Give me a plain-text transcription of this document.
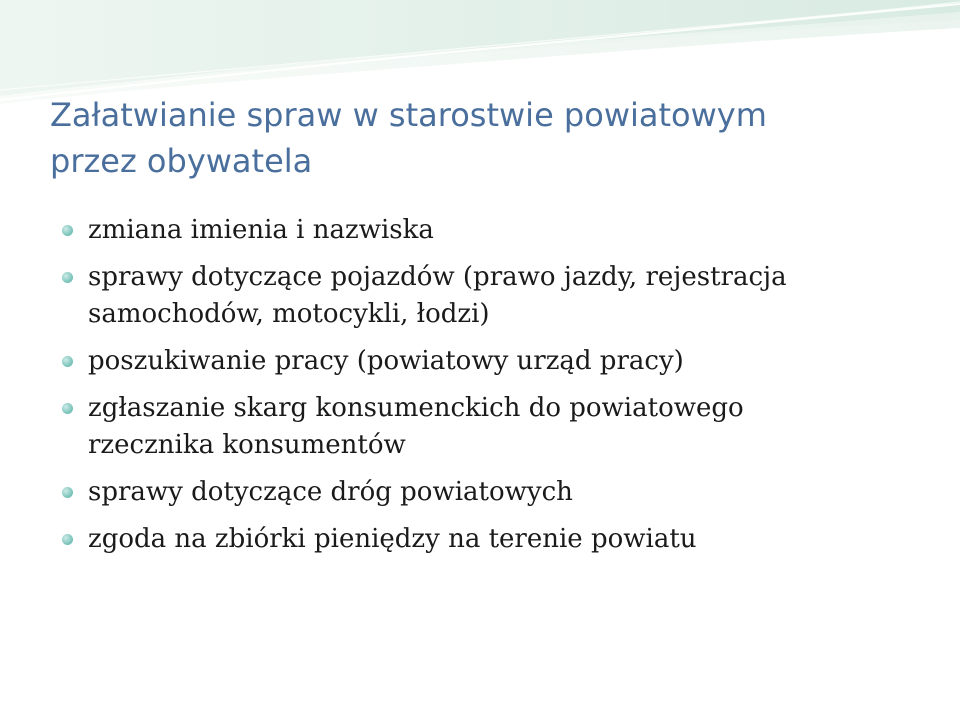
Załatwianie spraw w starostwie powiatowym
przez obywatela
zmiana imienia i nazwiska
sprawy dotyczące pojazdów (prawo jazdy, rejestracja
samochodów, motocykli, łodzi)
poszukiwanie pracy (powiatowy urząd pracy)
zgłaszanie skarg konsumenckich do powiatowego
rzecznika konsumentów
sprawy dotyczące dróg powiatowych
zgoda na zbiórki pieniędzy na terenie powiatu
